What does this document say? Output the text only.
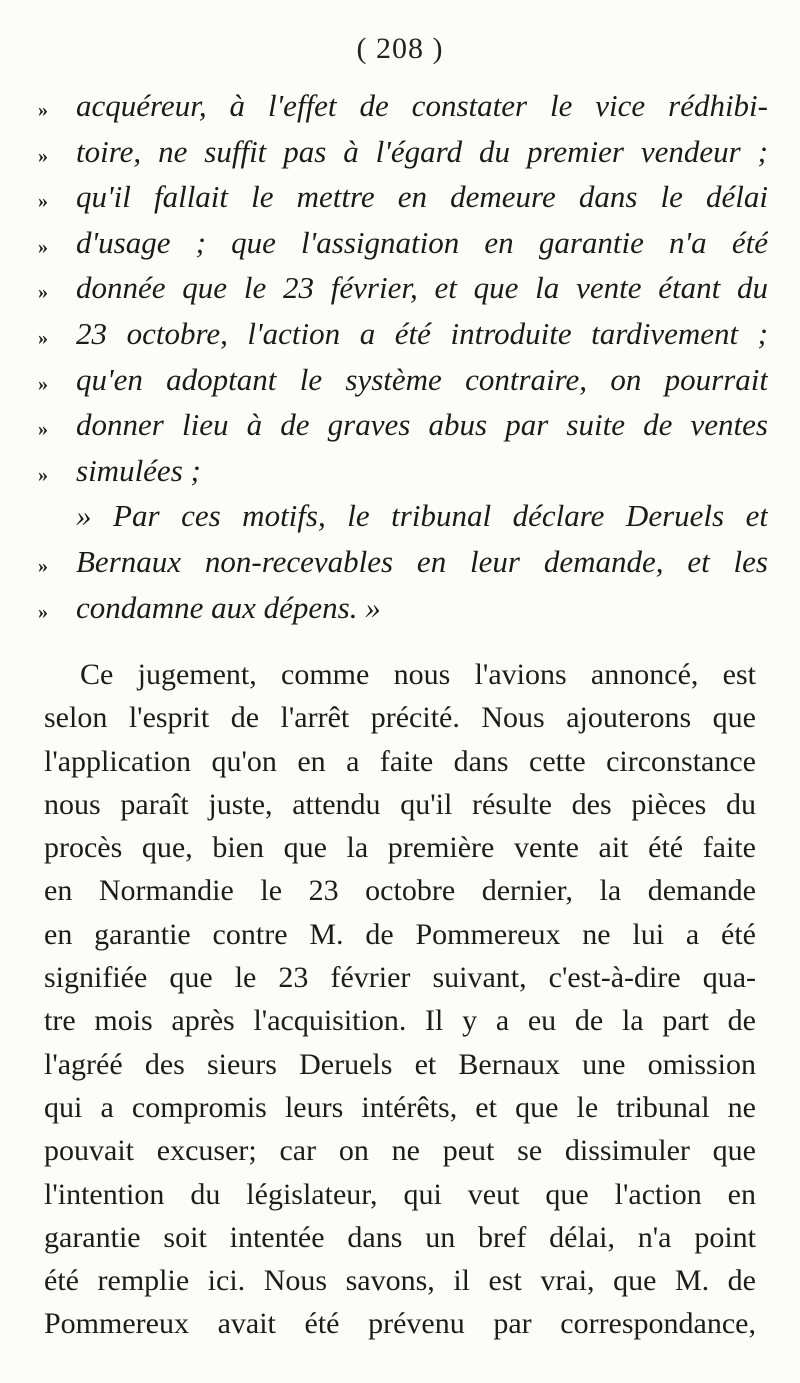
( 208 )
» acquéreur, à l'effet de constater le vice rédhibi-
» toire, ne suffit pas à l'égard du premier vendeur ;
» qu'il fallait le mettre en demeure dans le délai
» d'usage ; que l'assignation en garantie n'a été
» donnée que le 23 février, et que la vente étant du
» 23 octobre, l'action a été introduite tardivement ;
» qu'en adoptant le système contraire, on pourrait
» donner lieu à de graves abus par suite de ventes
» simulées ;
» Par ces motifs, le tribunal déclare Deruels et
» Bernaux non-recevables en leur demande, et les
» condamne aux dépens. »
Ce jugement, comme nous l'avions annoncé, est
selon l'esprit de l'arrêt précité. Nous ajouterons que
l'application qu'on en a faite dans cette circonstance
nous paraît juste, attendu qu'il résulte des pièces du
procès que, bien que la première vente ait été faite
en Normandie le 23 octobre dernier, la demande
en garantie contre M. de Pommereux ne lui a été
signifiée que le 23 février suivant, c'est-à-dire qua-
tre mois après l'acquisition. Il y a eu de la part de
l'agréé des sieurs Deruels et Bernaux une omission
qui a compromis leurs intérêts, et que le tribunal ne
pouvait excuser; car on ne peut se dissimuler que
l'intention du législateur, qui veut que l'action en
garantie soit intentée dans un bref délai, n'a point
été remplie ici. Nous savons, il est vrai, que M. de
Pommereux avait été prévenu par correspondance,
